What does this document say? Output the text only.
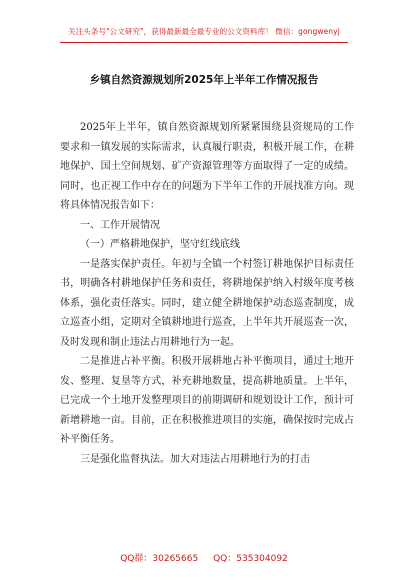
关注头条号"公文研究"，获得最新最全最专业的公文资料库！ 微信：gongwenyj
乡镇自然资源规划所2025年上半年工作情况报告

2025年上半年，镇自然资源规划所紧紧围绕县资规局的工作要求和一镇发展的实际需求，认真履行职责，积极开展工作，在耕地保护、国土空间规划、矿产资源管理等方面取得了一定的成绩。同时，也正视工作中存在的问题为下半年工作的开展找准方向。现将具体情况报告如下：

一、工作开展情况

（一）严格耕地保护，坚守红线底线

一是落实保护责任。年初与全镇一个村签订耕地保护目标责任书，明确各村耕地保护任务和责任，将耕地保护纳入村级年度考核体系，强化责任落实。同时，建立健全耕地保护动态巡查制度，成立巡查小组，定期对全镇耕地进行巡查，上半年共开展巡查一次，及时发现和制止违法占用耕地行为一起。

二是推进占补平衡。积极开展耕地占补平衡项目，通过土地开发、整理、复垦等方式，补充耕地数量，提高耕地质量。上半年，已完成一个土地开发整理项目的前期调研和规划设计工作，预计可新增耕地一亩。目前，正在积极推进项目的实施，确保按时完成占补平衡任务。

三是强化监督执法。加大对违法占用耕地行为的打击

QQ群：30265665 QQ：535304092
